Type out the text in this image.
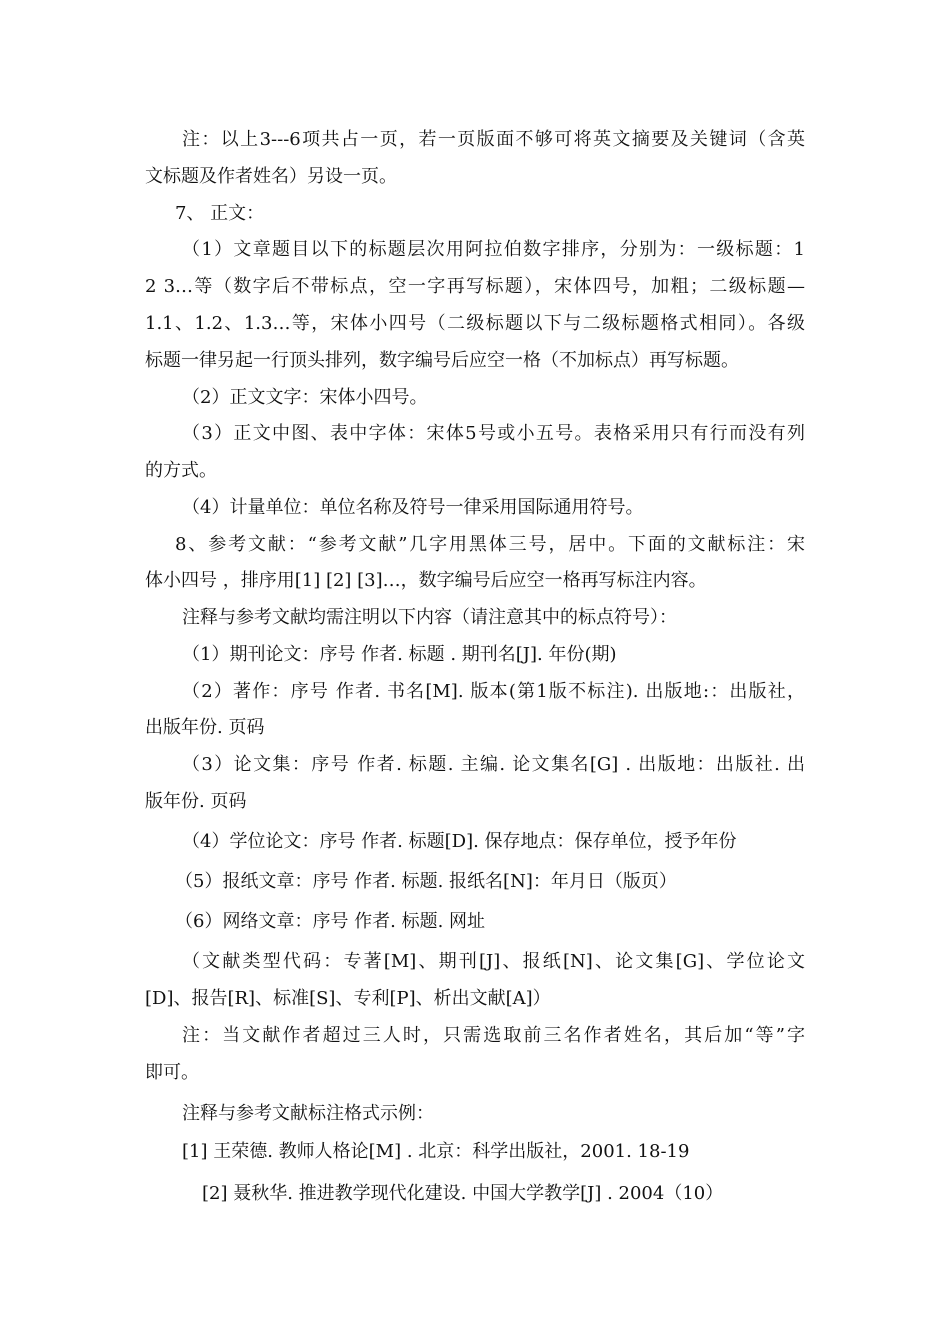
注：以上3---6项共占一页，若一页版面不够可将英文摘要及关键词（含英
文标题及作者姓名）另设一页。
7、 正文：
（1）文章题目以下的标题层次用阿拉伯数字排序，分别为：一级标题：1
2 3…等（数字后不带标点，空一字再写标题），宋体四号，加粗；二级标题—
1.1、1.2、1.3…等，宋体小四号（二级标题以下与二级标题格式相同）。各级
标题一律另起一行顶头排列，数字编号后应空一格（不加标点）再写标题。
（2）正文文字：宋体小四号。
（3）正文中图、表中字体：宋体5号或小五号。表格采用只有行而没有列
的方式。
（4）计量单位：单位名称及符号一律采用国际通用符号。
8、参考文献：“参考文献”几字用黑体三号，居中。下面的文献标注：宋
体小四号 ，排序用[1] [2] [3]…，数字编号后应空一格再写标注内容。
注释与参考文献均需注明以下内容（请注意其中的标点符号）：
（1）期刊论文：序号 作者. 标题 . 期刊名[J]. 年份(期)
（2）著作：序号 作者. 书名[M]. 版本(第1版不标注). 出版地:：出版社，
出版年份. 页码
（3）论文集：序号 作者. 标题. 主编. 论文集名[G] . 出版地：出版社. 出
版年份. 页码
（4）学位论文：序号 作者. 标题[D]. 保存地点：保存单位，授予年份
（5）报纸文章：序号 作者. 标题. 报纸名[N]：年月日（版页）
（6）网络文章：序号 作者. 标题. 网址
（文献类型代码：专著[M]、期刊[J]、报纸[N]、论文集[G]、学位论文
[D]、报告[R]、标准[S]、专利[P]、析出文献[A]）
注：当文献作者超过三人时，只需选取前三名作者姓名，其后加“等”字
即可。
注释与参考文献标注格式示例：
[1] 王荣德. 教师人格论[M] . 北京：科学出版社，2001. 18-19
[2] 聂秋华. 推进教学现代化建设. 中国大学教学[J] . 2004（10）
